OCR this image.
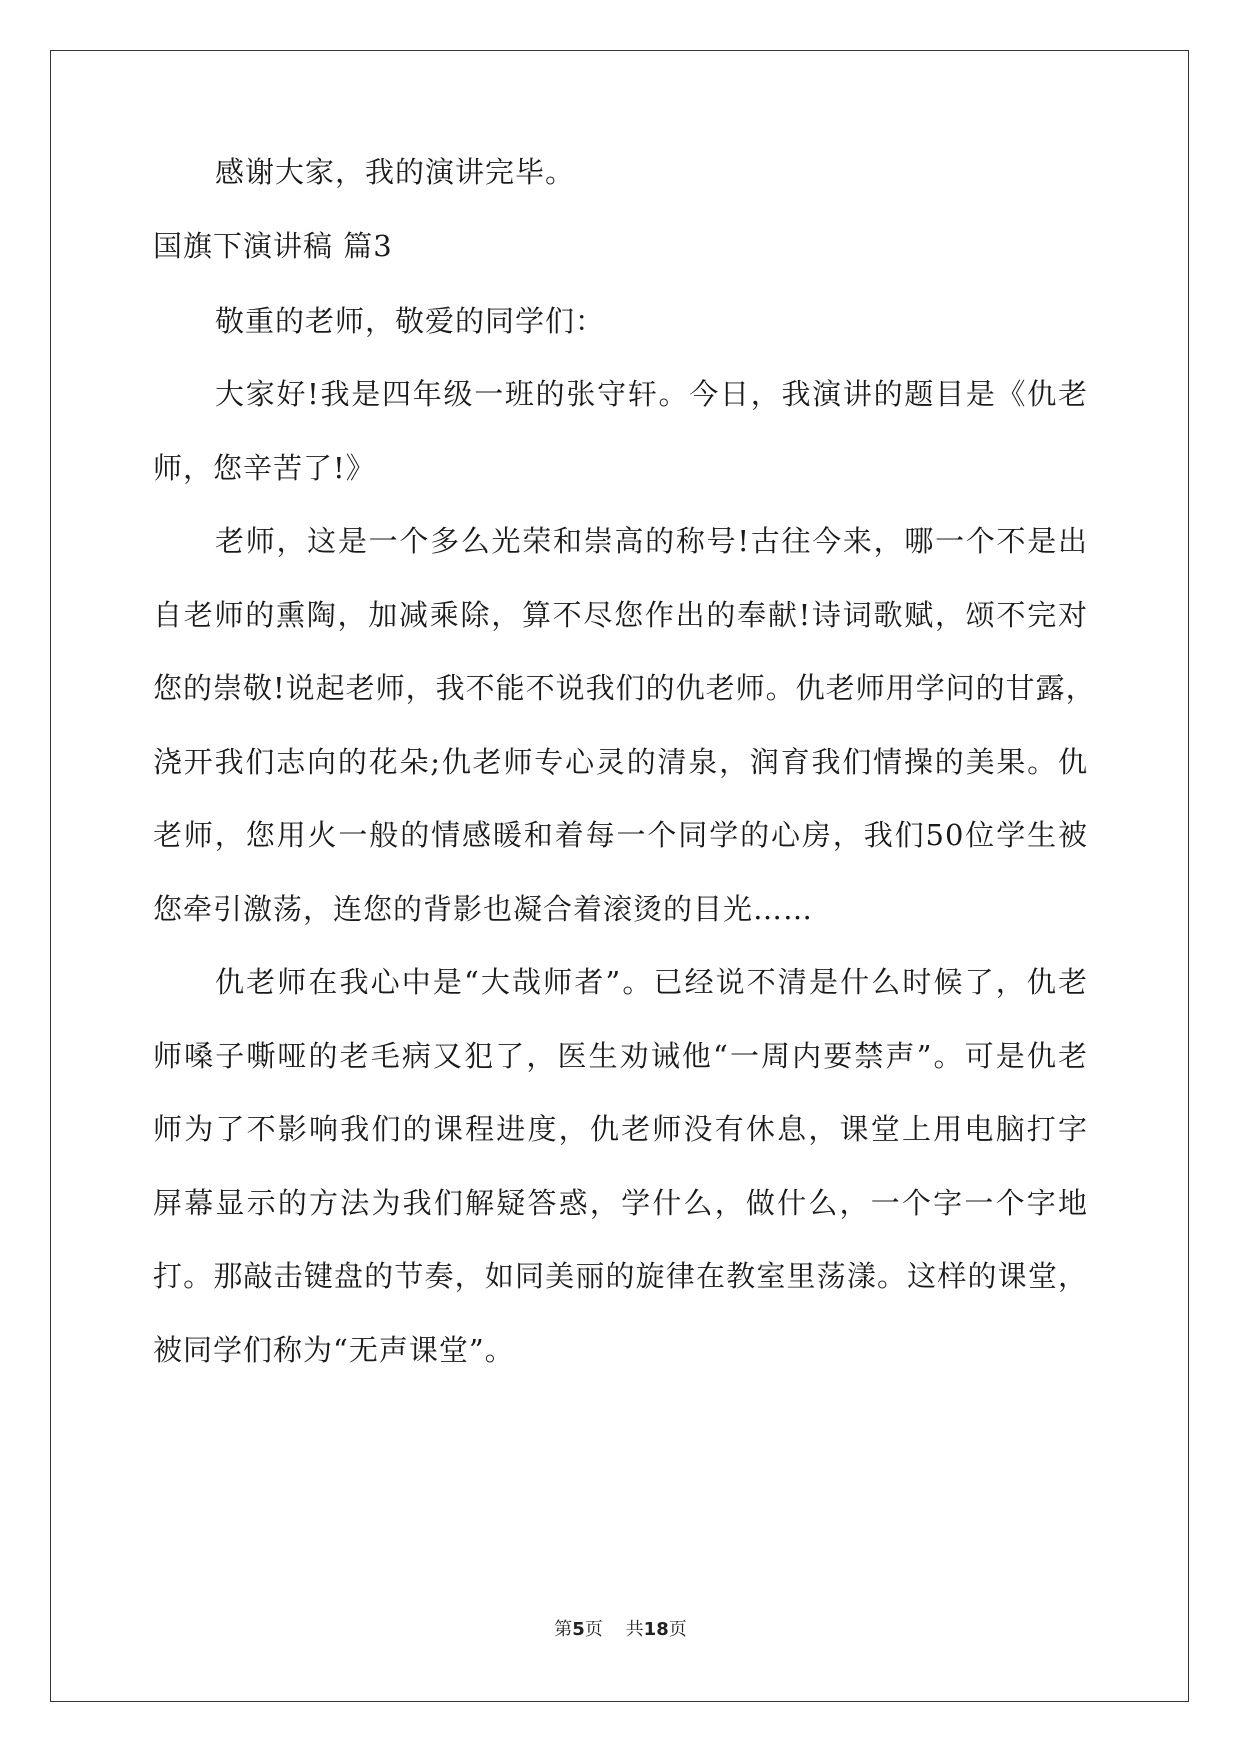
感谢大家，我的演讲完毕。
国旗下演讲稿 篇3
敬重的老师，敬爱的同学们：
大家好!我是四年级一班的张守轩。今日，我演讲的题目是《仇老
师，您辛苦了!》
老师，这是一个多么光荣和崇高的称号!古往今来，哪一个不是出
自老师的熏陶，加减乘除，算不尽您作出的奉献!诗词歌赋，颂不完对
您的崇敬!说起老师，我不能不说我们的仇老师。仇老师用学问的甘露，
浇开我们志向的花朵;仇老师专心灵的清泉，润育我们情操的美果。仇
老师，您用火一般的情感暖和着每一个同学的心房，我们50位学生被
您牵引激荡，连您的背影也凝合着滚烫的目光……
仇老师在我心中是“大哉师者”。已经说不清是什么时候了，仇老
师嗓子嘶哑的老毛病又犯了，医生劝诫他“一周内要禁声”。可是仇老
师为了不影响我们的课程进度，仇老师没有休息，课堂上用电脑打字
屏幕显示的方法为我们解疑答惑，学什么，做什么，一个字一个字地
打。那敲击键盘的节奏，如同美丽的旋律在教室里荡漾。这样的课堂，
被同学们称为“无声课堂”。
第5页 共18页
